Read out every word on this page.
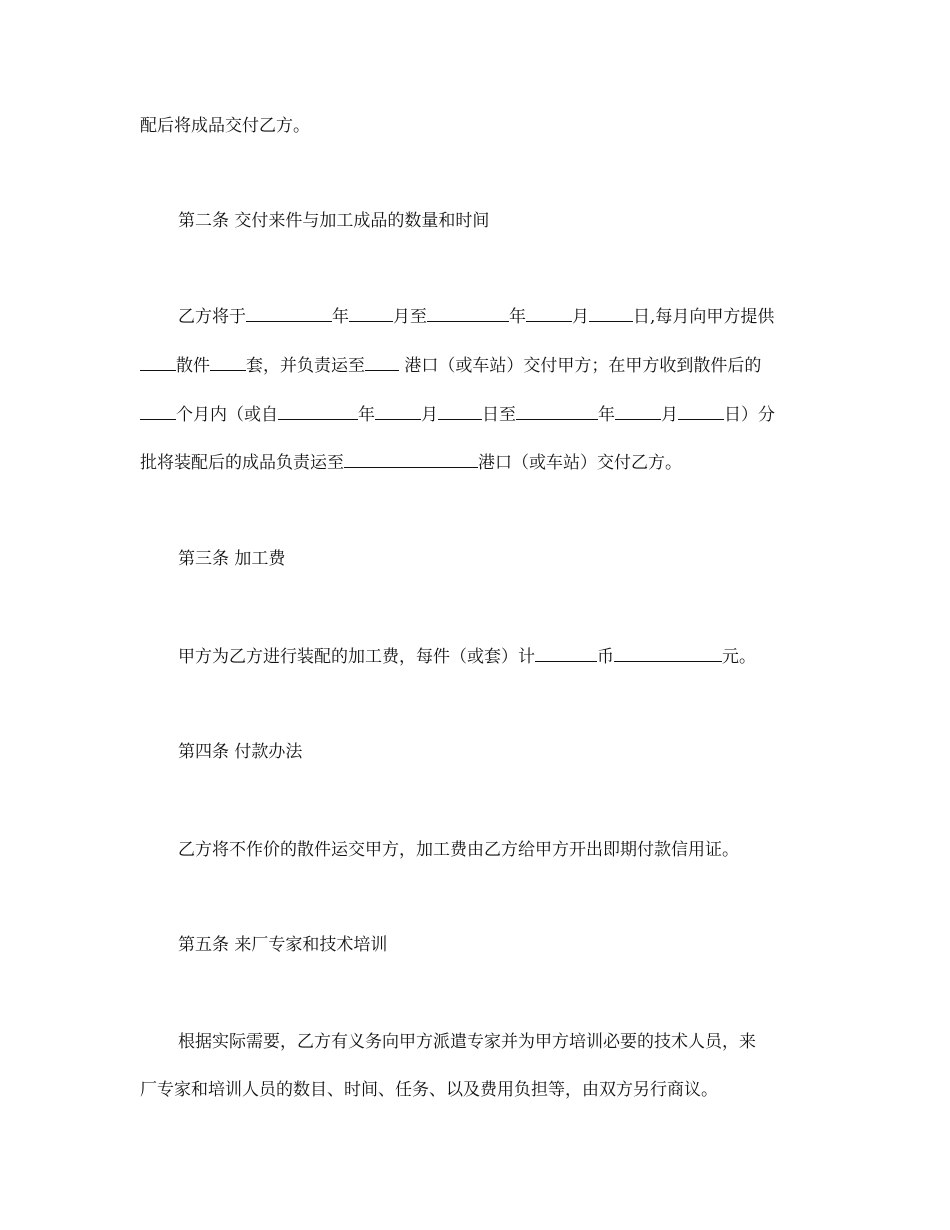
配后将成品交付乙方。
第二条 交付来件与加工成品的数量和时间
乙方将于	年	月至	年	月	日,每月向甲方提供
散件 套，并负责运至 港口（或车站）交付甲方；在甲方收到散件后的
个月内（或自	年	月	日至	年	月	日）分
批将装配后的成品负责运至	港口（或车站）交付乙方。
第三条 加工费
甲方为乙方进行装配的加工费，每件（或套）计	币	元。
第四条 付款办法
乙方将不作价的散件运交甲方，加工费由乙方给甲方开出即期付款信用证。
第五条 来厂专家和技术培训
根据实际需要，乙方有义务向甲方派遣专家并为甲方培训必要的技术人员，来
厂专家和培训人员的数目、时间、任务、以及费用负担等，由双方另行商议。
